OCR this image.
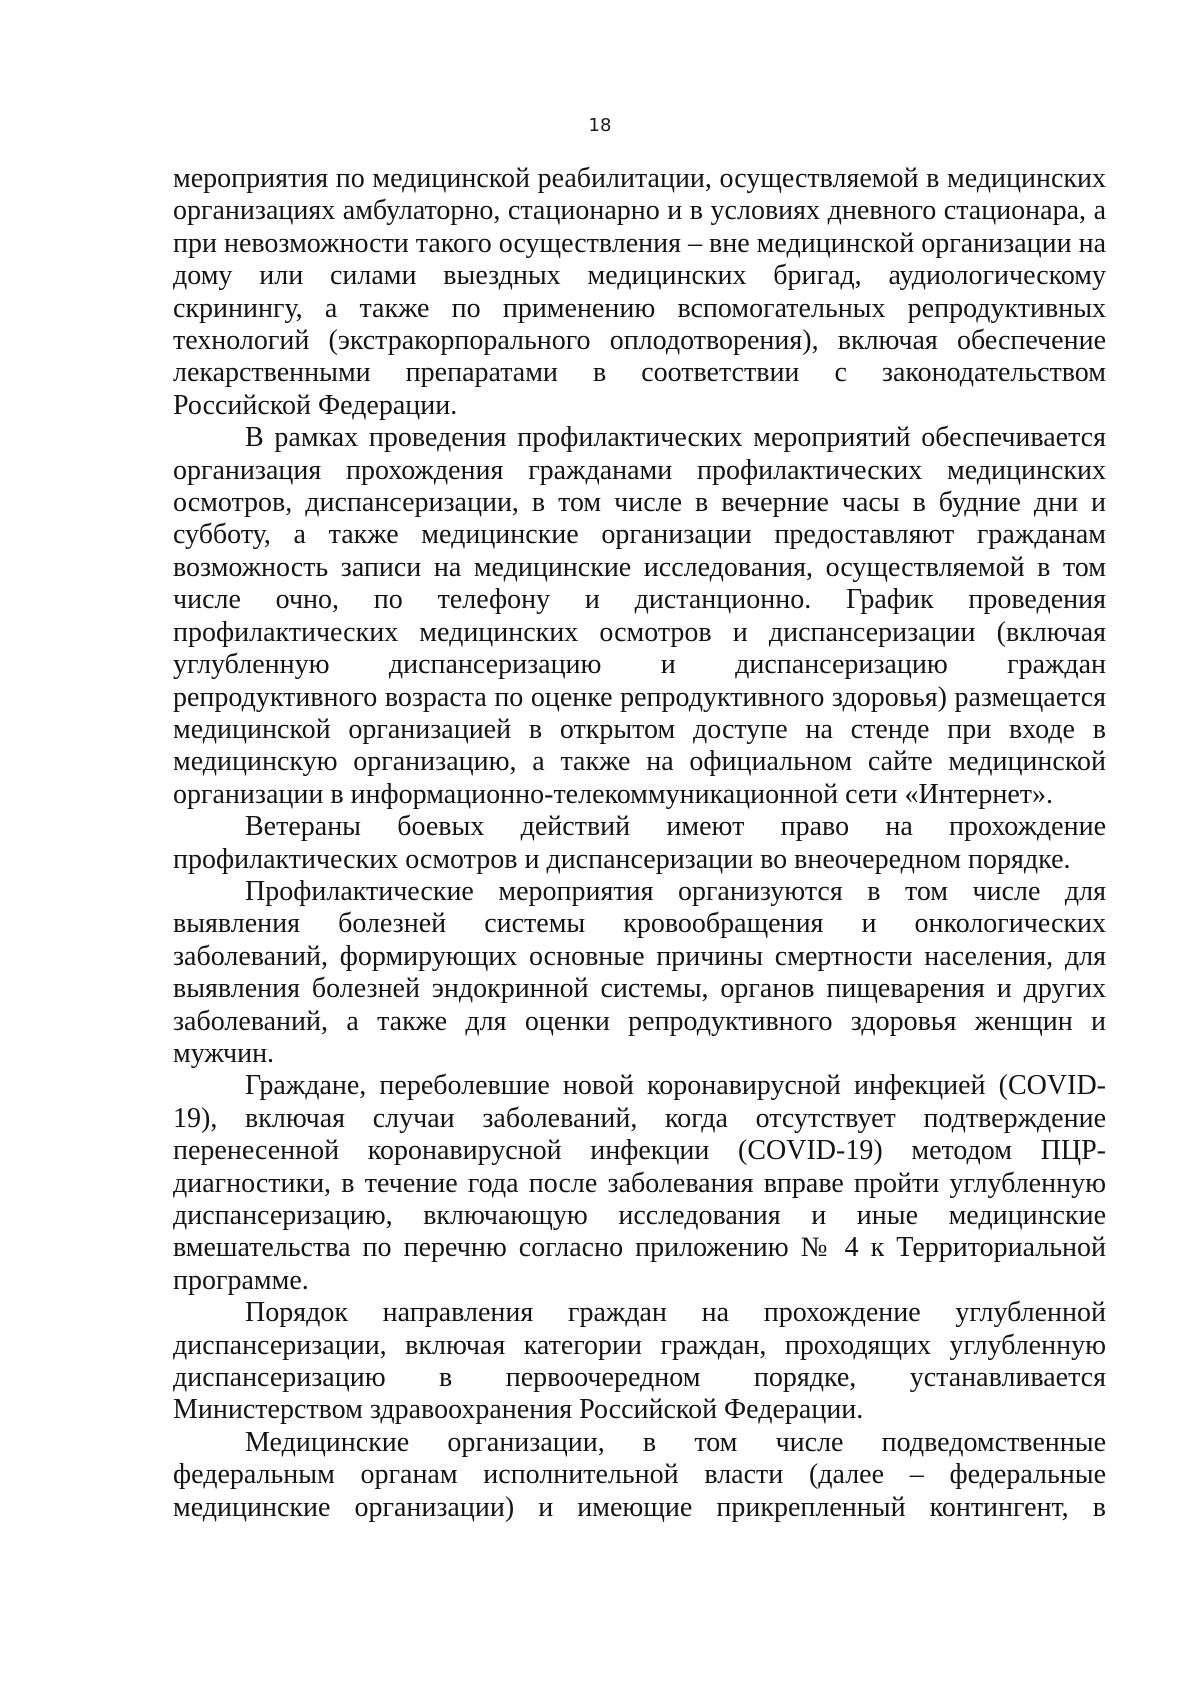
18

мероприятия по медицинской реабилитации, осуществляемой в медицинских организациях амбулаторно, стационарно и в условиях дневного стационара, а при невозможности такого осуществления – вне медицинской организации на дому или силами выездных медицинских бригад, аудиологическому скринингу, а также по применению вспомогательных репродуктивных технологий (экстракорпорального оплодотворения), включая обеспечение лекарственными препаратами в соответствии с законодательством Российской Федерации.

В рамках проведения профилактических мероприятий обеспечивается организация прохождения гражданами профилактических медицинских осмотров, диспансеризации, в том числе в вечерние часы в будние дни и субботу, а также медицинские организации предоставляют гражданам возможность записи на медицинские исследования, осуществляемой в том числе очно, по телефону и дистанционно. График проведения профилактических медицинских осмотров и диспансеризации (включая углубленную диспансеризацию и диспансеризацию граждан репродуктивного возраста по оценке репродуктивного здоровья) размещается медицинской организацией в открытом доступе на стенде при входе в медицинскую организацию, а также на официальном сайте медицинской организации в информационно-телекоммуникационной сети «Интернет».

Ветераны боевых действий имеют право на прохождение профилактических осмотров и диспансеризации во внеочередном порядке.

Профилактические мероприятия организуются в том числе для выявления болезней системы кровообращения и онкологических заболеваний, формирующих основные причины смертности населения, для выявления болезней эндокринной системы, органов пищеварения и других заболеваний, а также для оценки репродуктивного здоровья женщин и мужчин.

Граждане, переболевшие новой коронавирусной инфекцией (COVID-19), включая случаи заболеваний, когда отсутствует подтверждение перенесенной коронавирусной инфекции (COVID-19) методом ПЦР-диагностики, в течение года после заболевания вправе пройти углубленную диспансеризацию, включающую исследования и иные медицинские вмешательства по перечню согласно приложению № 4 к Территориальной программе.

Порядок направления граждан на прохождение углубленной диспансеризации, включая категории граждан, проходящих углубленную диспансеризацию в первоочередном порядке, устанавливается Министерством здравоохранения Российской Федерации.

Медицинские организации, в том числе подведомственные федеральным органам исполнительной власти (далее – федеральные медицинские организации) и имеющие прикрепленный контингент, в
